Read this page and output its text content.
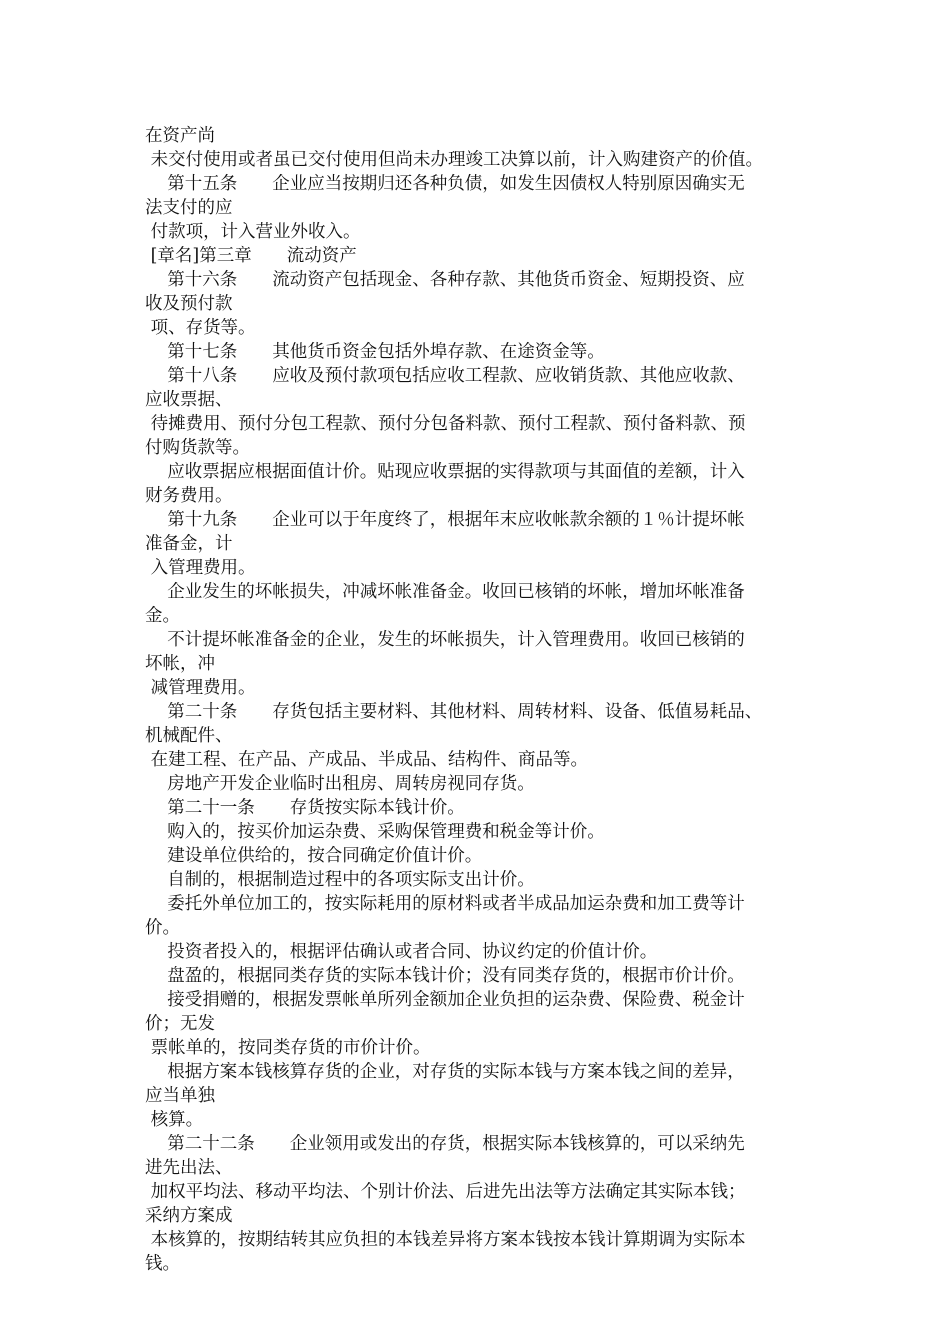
在资产尚
未交付使用或者虽已交付使用但尚未办理竣工决算以前，计入购建资产的价值。
第十五条　　企业应当按期归还各种负债，如发生因债权人特别原因确实无
法支付的应
付款项，计入营业外收入。
[章名]第三章　　流动资产
第十六条　　流动资产包括现金、各种存款、其他货币资金、短期投资、应
收及预付款
项、存货等。
第十七条　　其他货币资金包括外埠存款、在途资金等。
第十八条　　应收及预付款项包括应收工程款、应收销货款、其他应收款、
应收票据、
待摊费用、预付分包工程款、预付分包备料款、预付工程款、预付备料款、预
付购货款等。
应收票据应根据面值计价。贴现应收票据的实得款项与其面值的差额，计入
财务费用。
第十九条　　企业可以于年度终了，根据年末应收帐款余额的１％计提坏帐
准备金，计
入管理费用。
企业发生的坏帐损失，冲减坏帐准备金。收回已核销的坏帐，增加坏帐准备
金。
不计提坏帐准备金的企业，发生的坏帐损失，计入管理费用。收回已核销的
坏帐，冲
减管理费用。
第二十条　　存货包括主要材料、其他材料、周转材料、设备、低值易耗品、
机械配件、
在建工程、在产品、产成品、半成品、结构件、商品等。
房地产开发企业临时出租房、周转房视同存货。
第二十一条　　存货按实际本钱计价。
购入的，按买价加运杂费、采购保管理费和税金等计价。
建设单位供给的，按合同确定价值计价。
自制的，根据制造过程中的各项实际支出计价。
委托外单位加工的，按实际耗用的原材料或者半成品加运杂费和加工费等计
价。
投资者投入的，根据评估确认或者合同、协议约定的价值计价。
盘盈的，根据同类存货的实际本钱计价；没有同类存货的，根据市价计价。
接受捐赠的，根据发票帐单所列金额加企业负担的运杂费、保险费、税金计
价；无发
票帐单的，按同类存货的市价计价。
根据方案本钱核算存货的企业，对存货的实际本钱与方案本钱之间的差异，
应当单独
核算。
第二十二条　　企业领用或发出的存货，根据实际本钱核算的，可以采纳先
进先出法、
加权平均法、移动平均法、个别计价法、后进先出法等方法确定其实际本钱；
采纳方案成
本核算的，按期结转其应负担的本钱差异将方案本钱按本钱计算期调为实际本
钱。
